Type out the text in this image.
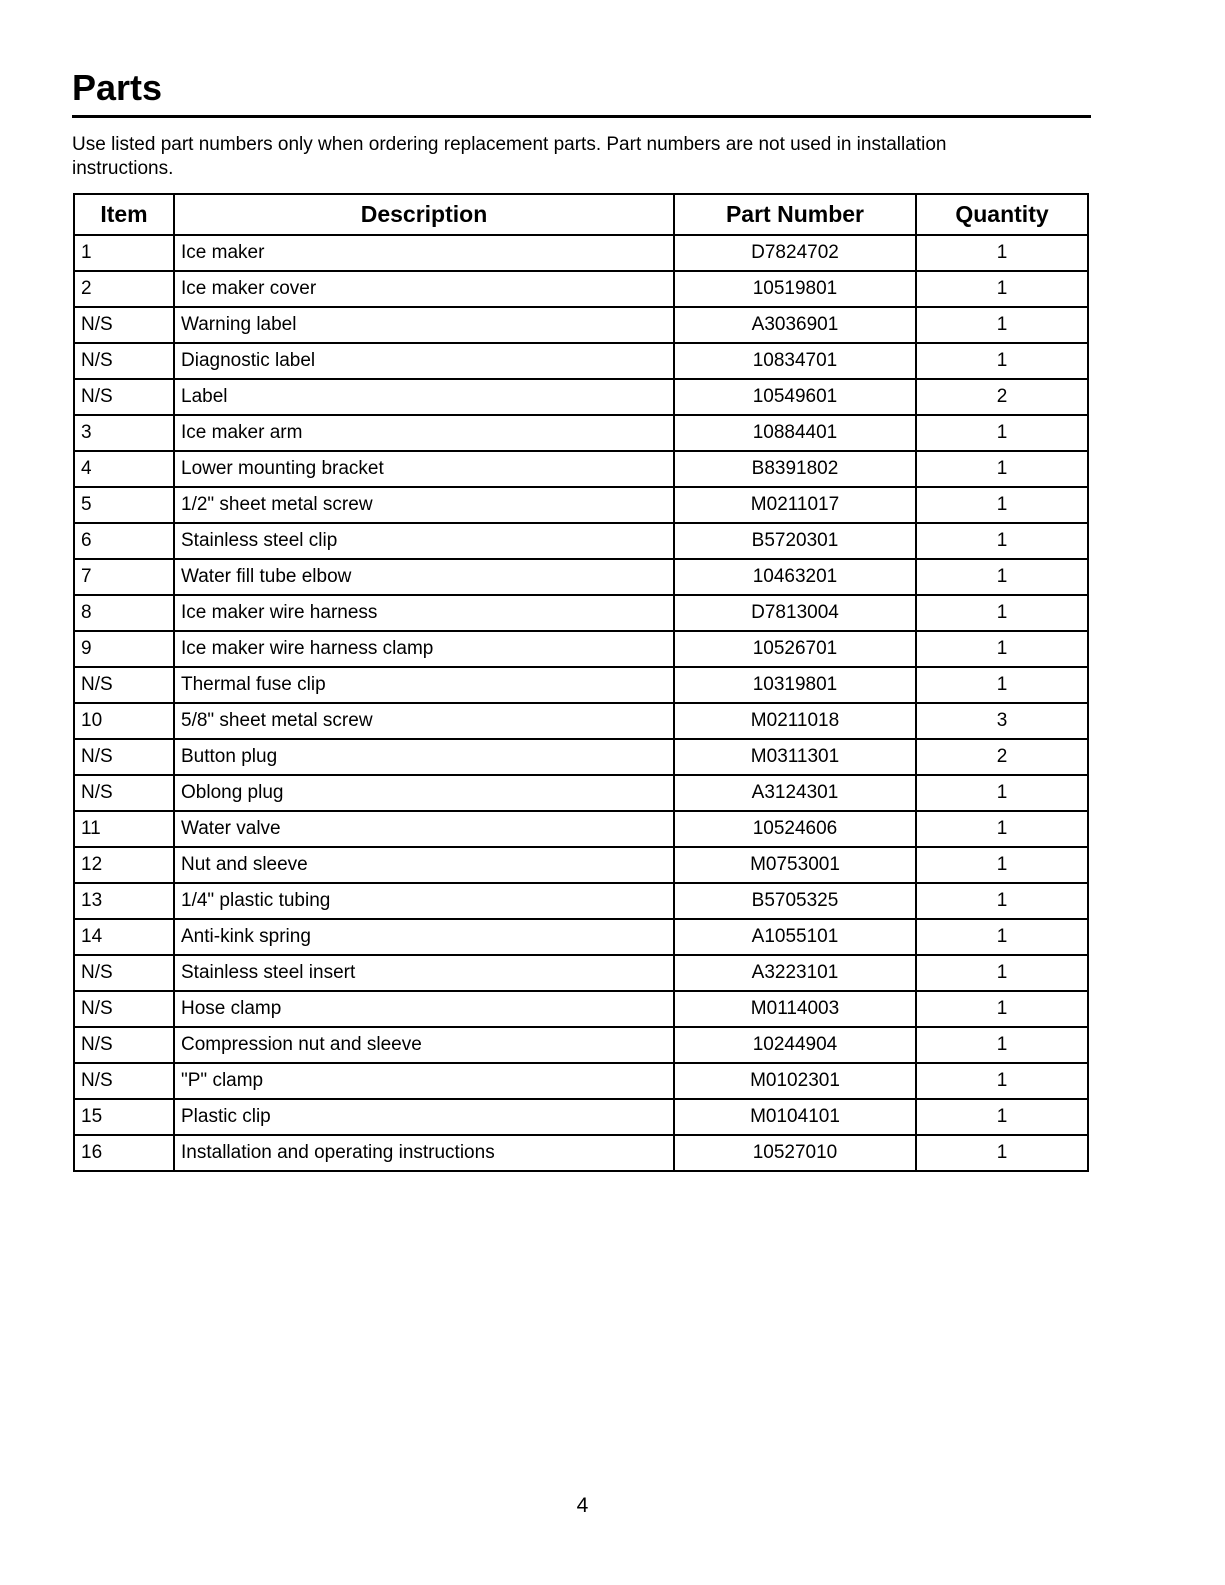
Parts

Use listed part numbers only when ordering replacement parts. Part numbers are not used in installation instructions.

Item	Description	Part Number	Quantity
1	Ice maker	D7824702	1
2	Ice maker cover	10519801	1
N/S	Warning label	A3036901	1
N/S	Diagnostic label	10834701	1
N/S	Label	10549601	2
3	Ice maker arm	10884401	1
4	Lower mounting bracket	B8391802	1
5	1/2" sheet metal screw	M0211017	1
6	Stainless steel clip	B5720301	1
7	Water fill tube elbow	10463201	1
8	Ice maker wire harness	D7813004	1
9	Ice maker wire harness clamp	10526701	1
N/S	Thermal fuse clip	10319801	1
10	5/8" sheet metal screw	M0211018	3
N/S	Button plug	M0311301	2
N/S	Oblong plug	A3124301	1
11	Water valve	10524606	1
12	Nut and sleeve	M0753001	1
13	1/4" plastic tubing	B5705325	1
14	Anti-kink spring	A1055101	1
N/S	Stainless steel insert	A3223101	1
N/S	Hose clamp	M0114003	1
N/S	Compression nut and sleeve	10244904	1
N/S	"P" clamp	M0102301	1
15	Plastic clip	M0104101	1
16	Installation and operating instructions	10527010	1
4
